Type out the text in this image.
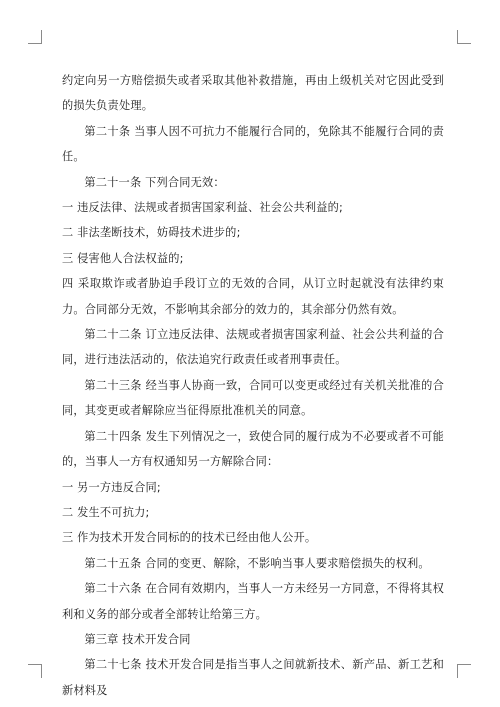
约定向另一方赔偿损失或者采取其他补救措施，再由上级机关对它因此受到的损失负责处理。

第二十条 当事人因不可抗力不能履行合同的，免除其不能履行合同的责任。

第二十一条 下列合同无效：

一 违反法律、法规或者损害国家利益、社会公共利益的;

二 非法垄断技术，妨碍技术进步的;

三 侵害他人合法权益的;

四 采取欺诈或者胁迫手段订立的无效的合同，从订立时起就没有法律约束力。合同部分无效，不影响其余部分的效力的，其余部分仍然有效。

第二十二条 订立违反法律、法规或者损害国家利益、社会公共利益的合同，进行违法活动的，依法追究行政责任或者刑事责任。

第二十三条 经当事人协商一致，合同可以变更或经过有关机关批准的合同，其变更或者解除应当征得原批准机关的同意。

第二十四条 发生下列情况之一，致使合同的履行成为不必要或者不可能的，当事人一方有权通知另一方解除合同：

一 另一方违反合同;

二 发生不可抗力;

三 作为技术开发合同标的的技术已经由他人公开。

第二十五条 合同的变更、解除，不影响当事人要求赔偿损失的权利。

第二十六条 在合同有效期内，当事人一方未经另一方同意，不得将其权利和义务的部分或者全部转让给第三方。

第三章 技术开发合同

第二十七条 技术开发合同是指当事人之间就新技术、新产品、新工艺和新材料及
